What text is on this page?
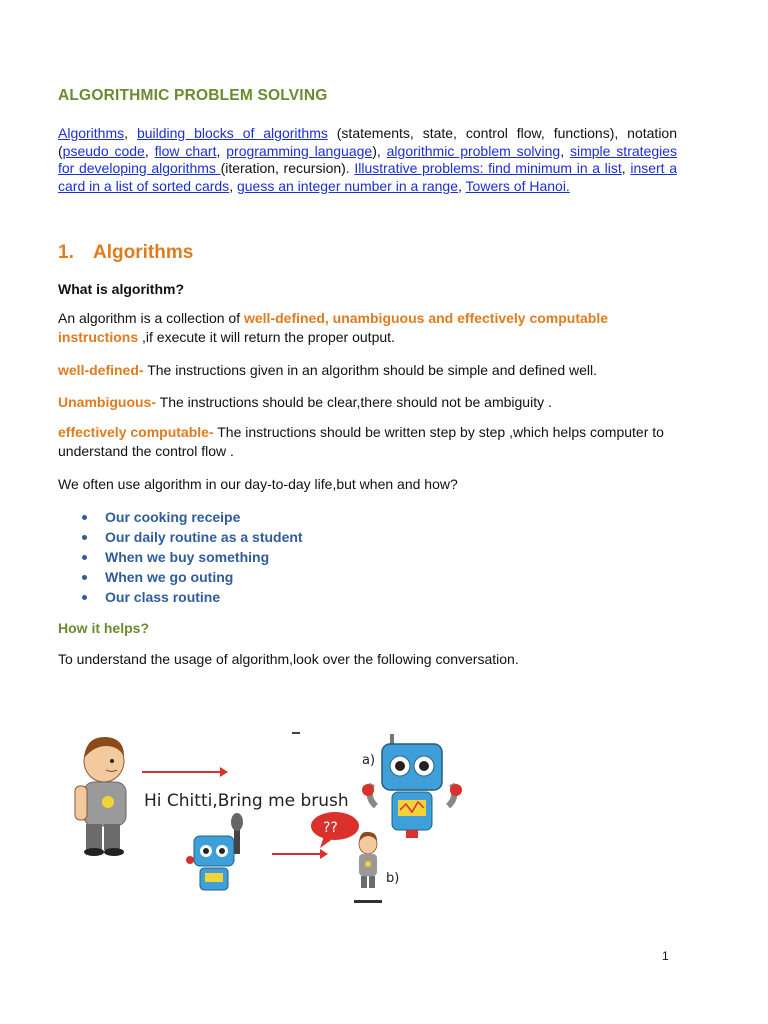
ALGORITHMIC PROBLEM SOLVING

Algorithms, building blocks of algorithms (statements, state, control flow, functions), notation (pseudo code, flow chart, programming language), algorithmic problem solving, simple strategies for developing algorithms (iteration, recursion). Illustrative problems: find minimum in a list, insert a card in a list of sorted cards, guess an integer number in a range, Towers of Hanoi.

1. Algorithms
What is algorithm?
An algorithm is a collection of well-defined, unambiguous and effectively computable instructions ,if execute it will return the proper output.
well-defined- The instructions given in an algorithm should be simple and defined well.
Unambiguous- The instructions should be clear,there should not be ambiguity .
effectively computable- The instructions should be written step by step ,which helps computer to understand the control flow .
We often use algorithm in our day-to-day life,but when and how?
Our cooking receipe
Our daily routine as a student
When we buy something
When we go outing
Our class routine
How it helps?
To understand the usage of algorithm,look over the following conversation.
Hi Chitti,Bring me brush
a)
??
b)
1
